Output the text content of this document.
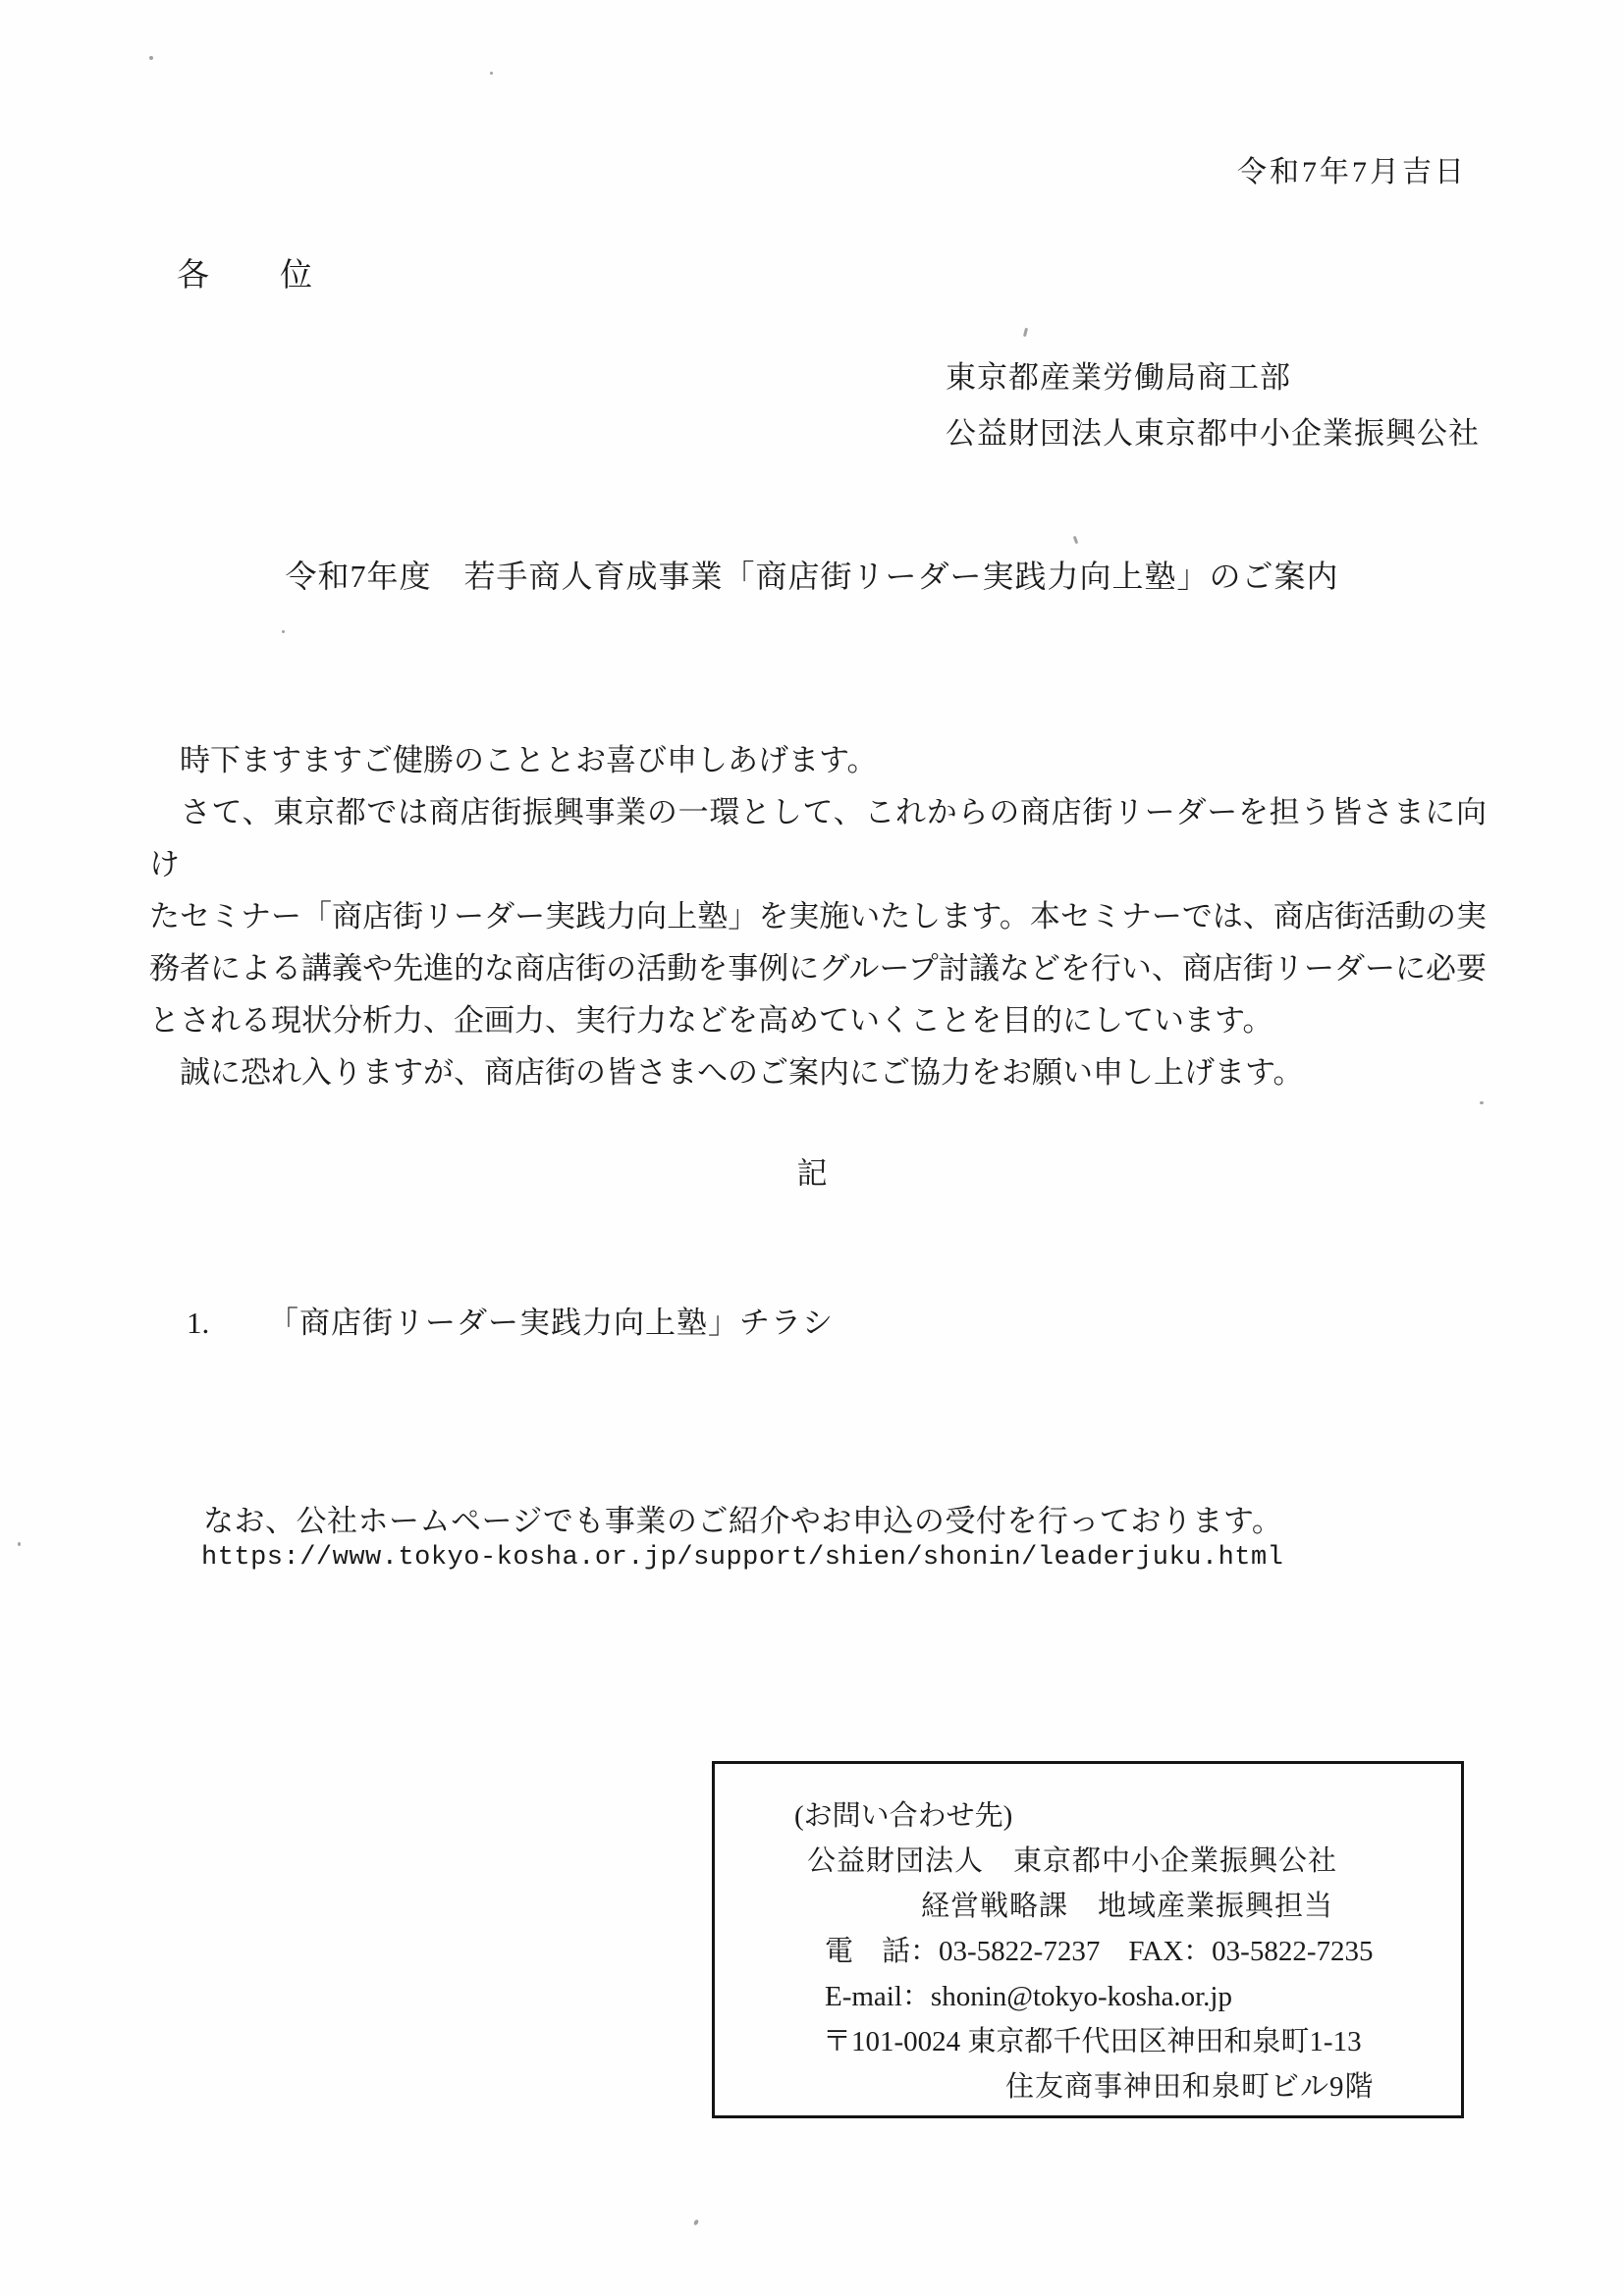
令和7年7月吉日
各　　位
東京都産業労働局商工部
公益財団法人東京都中小企業振興公社
令和7年度　若手商人育成事業「商店街リーダー実践力向上塾」のご案内
　時下ますますご健勝のこととお喜び申しあげます。
　さて、東京都では商店街振興事業の一環として、これからの商店街リーダーを担う皆さまに向け
たセミナー「商店街リーダー実践力向上塾」を実施いたします。本セミナーでは、商店街活動の実
務者による講義や先進的な商店街の活動を事例にグループ討議などを行い、商店街リーダーに必要
とされる現状分析力、企画力、実行力などを高めていくことを目的にしています。
　誠に恐れ入りますが、商店街の皆さまへのご案内にご協力をお願い申し上げます。
記
1. 「商店街リーダー実践力向上塾」チラシ
なお、公社ホームページでも事業のご紹介やお申込の受付を行っております。
https://www.tokyo-kosha.or.jp/support/shien/shonin/leaderjuku.html
(お問い合わせ先)
公益財団法人　東京都中小企業振興公社
経営戦略課　地域産業振興担当
電　話：03-5822-7237　FAX：03-5822-7235
E-mail：shonin@tokyo-kosha.or.jp
〒101-0024 東京都千代田区神田和泉町1-13
住友商事神田和泉町ビル9階
